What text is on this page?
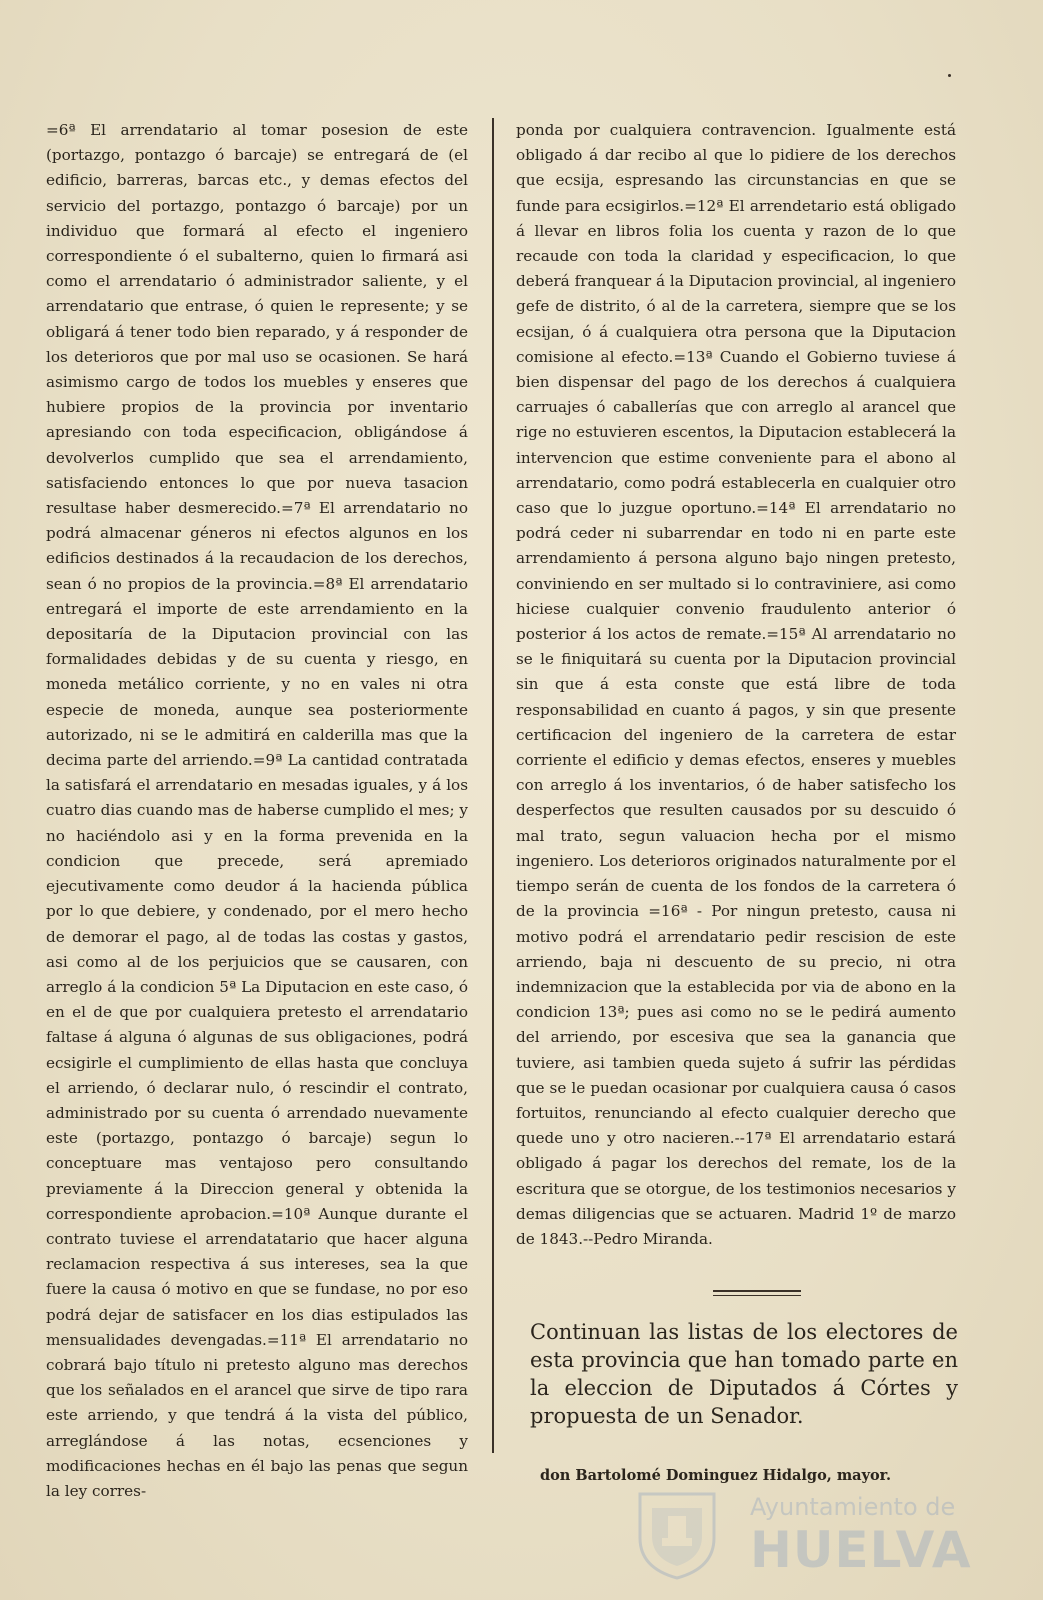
=6ª El arrendatario al tomar posesion de este (portazgo, pontazgo ó barcaje) se entregará de (el edificio, barreras, barcas etc., y demas efectos del servicio del portazgo, pontazgo ó barcaje) por un individuo que formará al efecto el ingeniero correspondiente ó el subalterno, quien lo firmará asi como el arrendatario ó administrador saliente, y el arrendatario que entrase, ó quien le represente; y se obligará á tener todo bien reparado, y á responder de los deterioros que por mal uso se ocasionen. Se hará asimismo cargo de todos los muebles y enseres que hubiere propios de la provincia por inventario apresiando con toda especificacion, obligándose á devolverlos cumplido que sea el arrendamiento, satisfaciendo entonces lo que por nueva tasacion resultase haber desmerecido.=7ª El arrendatario no podrá almacenar géneros ni efectos algunos en los edificios destinados á la recaudacion de los derechos, sean ó no propios de la provincia.=8ª El arrendatario entregará el importe de este arrendamiento en la depositaría de la Diputacion provincial con las formalidades debidas y de su cuenta y riesgo, en moneda metálico corriente, y no en vales ni otra especie de moneda, aunque sea posteriormente autorizado, ni se le admitirá en calderilla mas que la decima parte del arriendo.=9ª La cantidad contratada la satisfará el arrendatario en mesadas iguales, y á los cuatro dias cuando mas de haberse cumplido el mes; y no haciéndolo asi y en la forma prevenida en la condicion que precede, será apremiado ejecutivamente como deudor á la hacienda pública por lo que debiere, y condenado, por el mero hecho de demorar el pago, al de todas las costas y gastos, asi como al de los perjuicios que se causaren, con arreglo á la condicion 5ª La Diputacion en este caso, ó en el de que por cualquiera pretesto el arrendatario faltase á alguna ó algunas de sus obligaciones, podrá ecsigirle el cumplimiento de ellas hasta que concluya el arriendo, ó declarar nulo, ó rescindir el contrato, administrado por su cuenta ó arrendado nuevamente este (portazgo, pontazgo ó barcaje) segun lo conceptuare mas ventajoso pero consultando previamente á la Direccion general y obtenida la correspondiente aprobacion.=10ª Aunque durante el contrato tuviese el arrendatatario que hacer alguna reclamacion respectiva á sus intereses, sea la que fuere la causa ó motivo en que se fundase, no por eso podrá dejar de satisfacer en los dias estipulados las mensualidades devengadas.=11ª El arrendatario no cobrará bajo título ni pretesto alguno mas derechos que los señalados en el arancel que sirve de tipo rara este arriendo, y que tendrá á la vista del público, arreglándose á las notas, ecsenciones y modificaciones hechas en él bajo las penas que segun la ley corres-

ponda por cualquiera contravencion. Igualmente está obligado á dar recibo al que lo pidiere de los derechos que ecsija, espresando las circunstancias en que se funde para ecsigirlos.=12ª El arrendetario está obligado á llevar en libros folia los cuenta y razon de lo que recaude con toda la claridad y especificacion, lo que deberá franquear á la Diputacion provincial, al ingeniero gefe de distrito, ó al de la carretera, siempre que se los ecsijan, ó á cualquiera otra persona que la Diputacion comisione al efecto.=13ª Cuando el Gobierno tuviese á bien dispensar del pago de los derechos á cualquiera carruajes ó caballerías que con arreglo al arancel que rige no estuvieren escentos, la Diputacion establecerá la intervencion que estime conveniente para el abono al arrendatario, como podrá establecerla en cualquier otro caso que lo juzgue oportuno.=14ª El arrendatario no podrá ceder ni subarrendar en todo ni en parte este arrendamiento á persona alguno bajo ningen pretesto, conviniendo en ser multado si lo contraviniere, asi como hiciese cualquier convenio fraudulento anterior ó posterior á los actos de remate.=15ª Al arrendatario no se le finiquitará su cuenta por la Diputacion provincial sin que á esta conste que está libre de toda responsabilidad en cuanto á pagos, y sin que presente certificacion del ingeniero de la carretera de estar corriente el edificio y demas efectos, enseres y muebles con arreglo á los inventarios, ó de haber satisfecho los desperfectos que resulten causados por su descuido ó mal trato, segun valuacion hecha por el mismo ingeniero. Los deterioros originados naturalmente por el tiempo serán de cuenta de los fondos de la carretera ó de la provincia =16ª - Por ningun pretesto, causa ni motivo podrá el arrendatario pedir rescision de este arriendo, baja ni descuento de su precio, ni otra indemnizacion que la establecida por via de abono en la condicion 13ª; pues asi como no se le pedirá aumento del arriendo, por escesiva que sea la ganancia que tuviere, asi tambien queda sujeto á sufrir las pérdidas que se le puedan ocasionar por cualquiera causa ó casos fortuitos, renunciando al efecto cualquier derecho que quede uno y otro nacieren.--17ª El arrendatario estará obligado á pagar los derechos del remate, los de la escritura que se otorgue, de los testimonios necesarios y demas diligencias que se actuaren. Madrid 1º de marzo de 1843.--Pedro Miranda.

Continuan las listas de los electores de esta provincia que han tomado parte en la eleccion de Diputados á Córtes y propuesta de un Senador.
don Bartolomé Dominguez Hidalgo, mayor.
Ayuntamiento de
HUELVA
